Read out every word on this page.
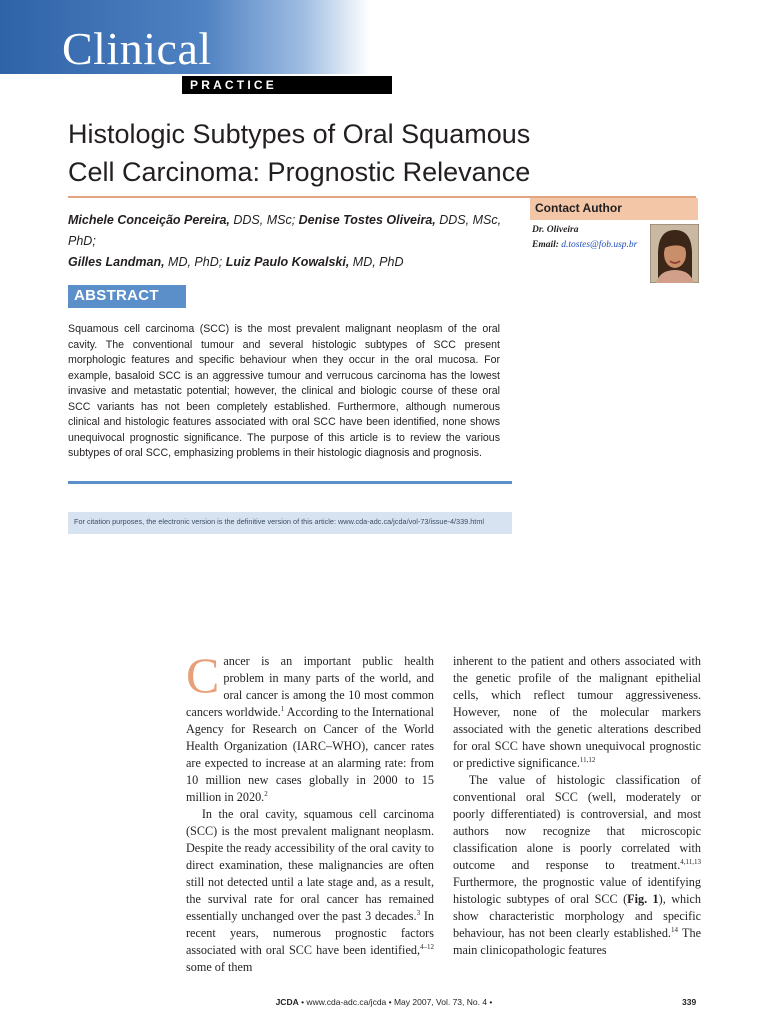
Clinical
PRACTICE
Histologic Subtypes of Oral Squamous
Cell Carcinoma: Prognostic Relevance
Michele Conceição Pereira, DDS, MSc; Denise Tostes Oliveira, DDS, MSc, PhD;
Gilles Landman, MD, PhD; Luiz Paulo Kowalski, MD, PhD
Contact Author
Dr. Oliveira
Email: d.tostes@fob.usp.br
ABSTRACT
Squamous cell carcinoma (SCC) is the most prevalent malignant neoplasm of the oral cavity. The conventional tumour and several histologic subtypes of SCC present morphologic features and specific behaviour when they occur in the oral mucosa. For example, basaloid SCC is an aggressive tumour and verrucous carcinoma has the lowest invasive and metastatic potential; however, the clinical and biologic course of these oral SCC variants has not been completely established. Furthermore, although numerous clinical and histologic features associated with oral SCC have been identified, none shows unequivocal prognostic significance. The purpose of this article is to review the various subtypes of oral SCC, emphasizing problems in their histologic diagnosis and prognosis.
For citation purposes, the electronic version is the definitive version of this article: www.cda-adc.ca/jcda/vol-73/issue-4/339.html

Cancer is an important public health problem in many parts of the world, and oral cancer is among the 10 most common cancers worldwide.$^1$ According to the International Agency for Research on Cancer of the World Health Organization (IARC–WHO), cancer rates are expected to increase at an alarming rate: from 10 million new cases globally in 2000 to 15 million in 2020.$^2$

In the oral cavity, squamous cell carcinoma (SCC) is the most prevalent malignant neoplasm. Despite the ready accessibility of the oral cavity to direct examination, these malignancies are often still not detected until a late stage and, as a result, the survival rate for oral cancer has remained essentially unchanged over the past 3 decades.$^3$ In recent years, numerous prognostic factors associated with oral SCC have been identified,$^{4-12}$ some of them

inherent to the patient and others associated with the genetic profile of the malignant epithelial cells, which reflect tumour aggressiveness. However, none of the molecular markers associated with the genetic alterations described for oral SCC have shown unequivocal prognostic or predictive significance.$^{11,12}$

The value of histologic classification of conventional oral SCC (well, moderately or poorly differentiated) is controversial, and most authors now recognize that microscopic classification alone is poorly correlated with outcome and response to treatment.$^{4,11,13}$ Furthermore, the prognostic value of identifying histologic subtypes of oral SCC (Fig. 1), which show characteristic morphology and specific behaviour, has not been clearly established.$^{14}$ The main clinicopathologic features

JCDA • www.cda-adc.ca/jcda • May 2007, Vol. 73, No. 4 •	339
